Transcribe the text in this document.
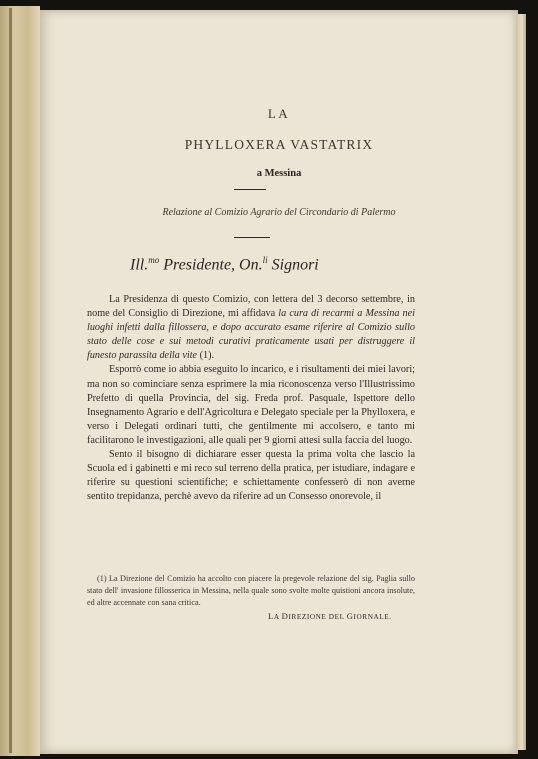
LA
PHYLLOXERA VASTATRIX
a Messina
Relazione al Comizio Agrario del Circondario di Palermo
Ill.$^{mo}$ Presidente, On.$^{li}$ Signori

La Presidenza di questo Comizio, con lettera del 3 decorso settembre, in nome del Consiglio di Direzione, mi affidava la cura di recarmi a Messina nei luoghi infetti dalla fillossera, e dopo accurato esame riferire al Comizio sullo stato delle cose e sui metodi curativi praticamente usati per distruggere il funesto parassita della vite (1).

Esporrò come io abbia eseguito lo incarico, e i risultamenti dei miei lavori; ma non so cominciare senza esprimere la mia riconoscenza verso l'Illustrissimo Prefetto di quella Provincia, del sig. Freda prof. Pasquale, Ispettore dello Insegnamento Agrario e dell'Agricoltura e Delegato speciale per la Phylloxera, e verso i Delegati ordinari tutti, che gentilmente mi accolsero, e tanto mi facilitarono le investigazioni, alle quali per 9 giorni attesi sulla faccia del luogo.

Sento il bisogno di dichiarare esser questa la prima volta che lascio la Scuola ed i gabinetti e mi reco sul terreno della pratica, per istudiare, indagare e riferire su questioni scientifiche; e schiettamente confesserò di non averne sentito trepidanza, perchè avevo da riferire ad un Consesso onorevole, il

(1) La Direzione del Comizio ha accolto con piacere la pregevole relazione del sig. Paglia sullo stato dell' invasione fillosserica in Messina, nella quale sono svolte molte quistioni ancora insolute, ed altre accennate con sana critica.

LA DIREZIONE DEL GIORNALE.
